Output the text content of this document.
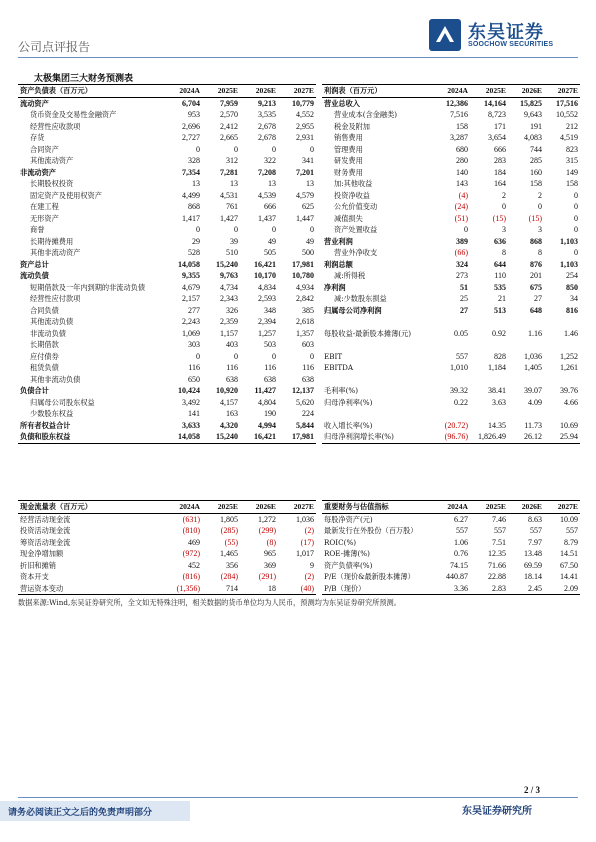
公司点评报告
东吴证券
SOOCHOW SECURITIES
太极集团三大财务预测表
资产负债表（百万元）	2024A	2025E	2026E	2027E
流动资产	6,704	7,959	9,213	10,779
货币资金及交易性金融资产	953	2,570	3,535	4,552
经营性应收款项	2,696	2,412	2,678	2,955
存货	2,727	2,665	2,678	2,931
合同资产	0	0	0	0
其他流动资产	328	312	322	341
非流动资产	7,354	7,281	7,208	7,201
长期股权投资	13	13	13	13
固定资产及使用权资产	4,499	4,531	4,539	4,579
在建工程	868	761	666	625
无形资产	1,417	1,427	1,437	1,447
商誉	0	0	0	0
长期待摊费用	29	39	49	49
其他非流动资产	528	510	505	500
资产总计	14,058	15,240	16,421	17,981
流动负债	9,355	9,763	10,170	10,780
短期借款及一年内到期的非流动负债	4,679	4,734	4,834	4,934
经营性应付款项	2,157	2,343	2,593	2,842
合同负债	277	326	348	385
其他流动负债	2,243	2,359	2,394	2,618
非流动负债	1,069	1,157	1,257	1,357
长期借款	303	403	503	603
应付债券	0	0	0	0
租赁负债	116	116	116	116
其他非流动负债	650	638	638	638
负债合计	10,424	10,920	11,427	12,137
归属母公司股东权益	3,492	4,157	4,804	5,620
少数股东权益	141	163	190	224
所有者权益合计	3,633	4,320	4,994	5,844
负债和股东权益	14,058	15,240	16,421	17,981
利润表（百万元）	2024A	2025E	2026E	2027E
营业总收入	12,386	14,164	15,825	17,516
营业成本(含金融类)	7,516	8,723	9,643	10,552
税金及附加	158	171	191	212
销售费用	3,287	3,654	4,083	4,519
管理费用	680	666	744	823
研发费用	280	283	285	315
财务费用	140	184	160	149
加:其他收益	143	164	158	158
投资净收益	(4)	2	2	0
公允价值变动	(24)	0	0	0
减值损失	(51)	(15)	(15)	0
资产处置收益	0	3	3	0
营业利润	389	636	868	1,103
营业外净收支	(66)	8	8	0
利润总额	324	644	876	1,103
减:所得税	273	110	201	254
净利润	51	535	675	850
减:少数股东损益	25	21	27	34
归属母公司净利润	27	513	648	816

每股收益-最新股本摊薄(元)	0.05	0.92	1.16	1.46

EBIT	557	828	1,036	1,252
EBITDA	1,010	1,184	1,405	1,261

毛利率(%)	39.32	38.41	39.07	39.76
归母净利率(%)	0.22	3.63	4.09	4.66

收入增长率(%)	(20.72)	14.35	11.73	10.69
归母净利润增长率(%)	(96.76)	1,826.49	26.12	25.94
现金流量表（百万元）	2024A	2025E	2026E	2027E
经营活动现金流	(631)	1,805	1,272	1,036
投资活动现金流	(810)	(285)	(299)	(2)
筹资活动现金流	469	(55)	(8)	(17)
现金净增加额	(972)	1,465	965	1,017
折旧和摊销	452	356	369	9
资本开支	(816)	(284)	(291)	(2)
营运资本变动	(1,356)	714	18	(40)
重要财务与估值指标	2024A	2025E	2026E	2027E
每股净资产(元)	6.27	7.46	8.63	10.09
最新发行在外股份（百万股）	557	557	557	557
ROIC(%)	1.06	7.51	7.97	8.79
ROE-摊薄(%)	0.76	12.35	13.48	14.51
资产负债率(%)	74.15	71.66	69.59	67.50
P/E（现价&最新股本摊薄）	440.87	22.88	18.14	14.41
P/B（现价）	3.36	2.83	2.45	2.09
数据来源:Wind,东吴证券研究所，全文如无特殊注明，相关数据的货币单位均为人民币，预测均为东吴证券研究所预测。
2 / 3
请务必阅读正文之后的免责声明部分	东吴证券研究所
